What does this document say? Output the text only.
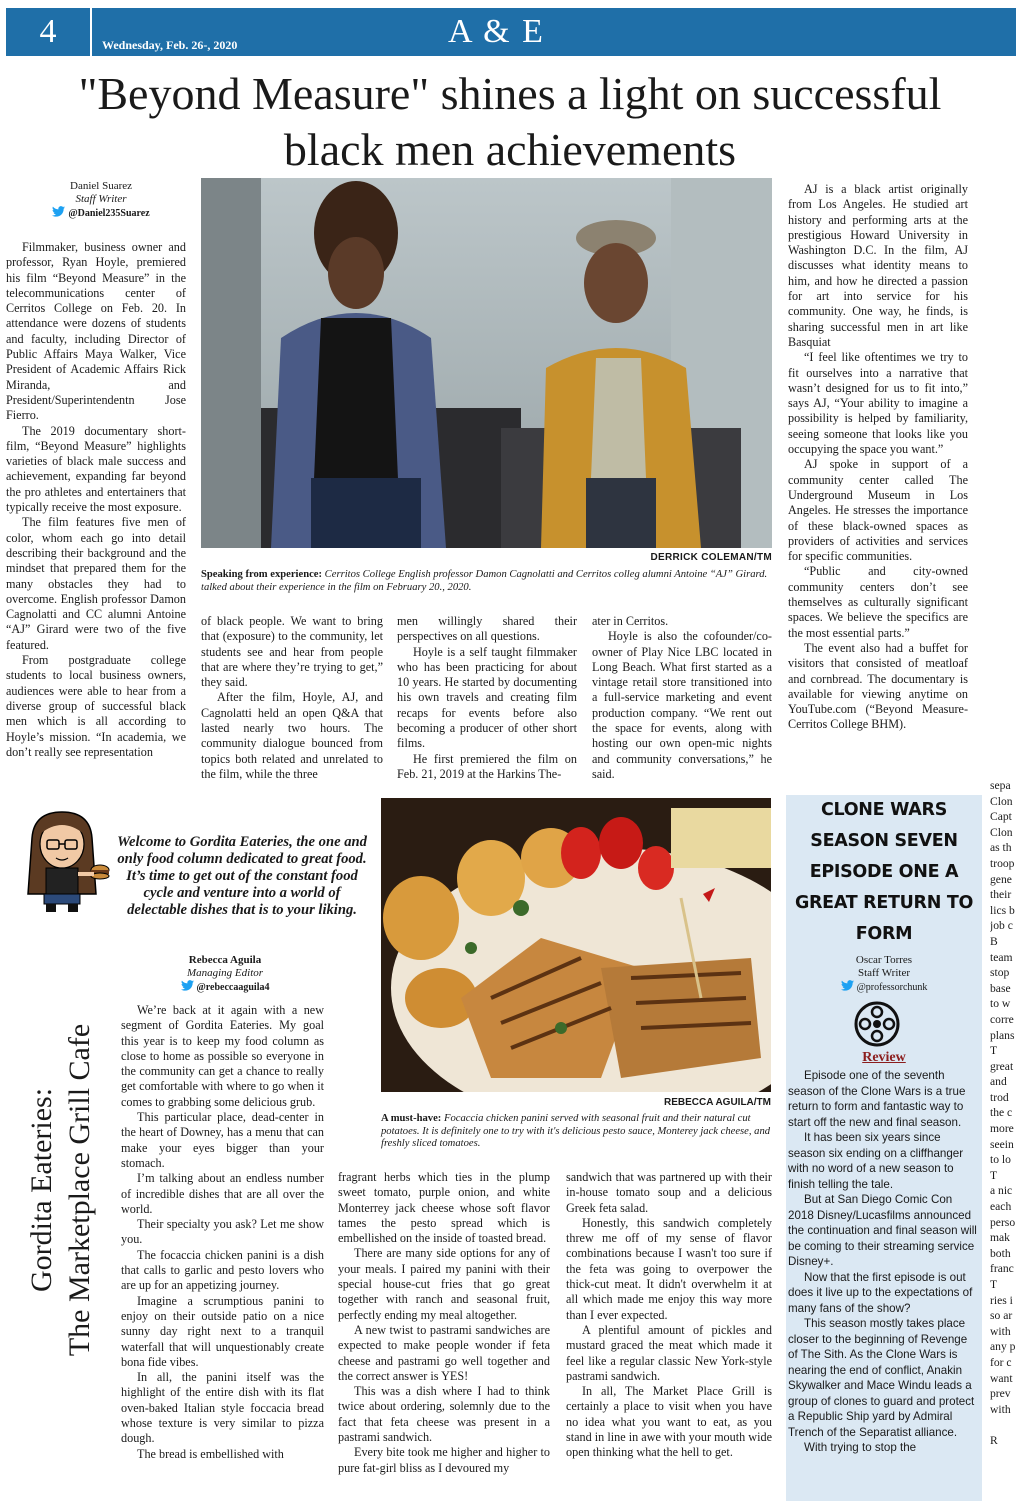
4	Wednesday, Feb. 26-, 2020	A & E
"Beyond Measure" shines a light on successful black men achievements
Daniel Suarez
Staff Writer
@Daniel235Suarez

Filmmaker, business owner and professor, Ryan Hoyle, premiered his film “Beyond Measure” in the telecommunications center of Cerritos College on Feb. 20. In attendance were dozens of students and faculty, including Director of Public Affairs Maya Walker, Vice President of Academic Affairs Rick Miranda, and President/Superintendentn Jose Fierro.

The 2019 documentary short-film, “Beyond Measure” highlights varieties of black male success and achievement, expanding far beyond the pro athletes and entertainers that typically receive the most exposure.

The film features five men of color, whom each go into detail describing their background and the mindset that prepared them for the many obstacles they had to overcome. English professor Damon Cagnolatti and CC alumni Antoine “AJ” Girard were two of the five featured.

From postgraduate college students to local business owners, audiences were able to hear from a diverse group of successful black men which is all according to Hoyle’s mission. “In academia, we don’t really see representation

DERRICK COLEMAN/TM
Speaking from experience: Cerritos College English professor Damon Cagnolatti and Cerritos colleg alumni Antoine “AJ” Girard. talked about their experience in the film on February 20., 2020.

of black people. We want to bring that (exposure) to the community, let students see and hear from people that are where they’re trying to get,” they said.

After the film, Hoyle, AJ, and Cagnolatti held an open Q&A that lasted nearly two hours. The community dialogue bounced from topics both related and unrelated to the film, while the three

men willingly shared their perspectives on all questions.

Hoyle is a self taught filmmaker who has been practicing for about 10 years. He started by documenting his own travels and creating film recaps for events before also becoming a producer of other short films.

He first premiered the film on Feb. 21, 2019 at the Harkins The-

ater in Cerritos.

Hoyle is also the cofounder/co-owner of Play Nice LBC located in Long Beach. What first started as a vintage retail store transitioned into a full-service marketing and event production company. “We rent out the space for events, along with hosting our own open-mic nights and community conversations,” he said.

AJ is a black artist originally from Los Angeles. He studied art history and performing arts at the prestigious Howard University in Washington D.C. In the film, AJ discusses what identity means to him, and how he directed a passion for art into service for his community. One way, he finds, is sharing successful men in art like Basquiat

“I feel like oftentimes we try to fit ourselves into a narrative that wasn’t designed for us to fit into,” says AJ, “Your ability to imagine a possibility is helped by familiarity, seeing someone that looks like you occupying the space you want.”

AJ spoke in support of a community center called The Underground Museum in Los Angeles. He stresses the importance of these black-owned spaces as providers of activities and services for specific communities.

“Public and city-owned community centers don’t see themselves as culturally significant spaces. We believe the specifics are the most essential parts.”

The event also had a buffet for visitors that consisted of meatloaf and cornbread. The documentary is available for viewing anytime on YouTube.com (“Beyond Measure- Cerritos College BHM).

Welcome to Gordita Eateries, the one and only food column dedicated to great food. It’s time to get out of the constant food cycle and venture into a world of delectable dishes that is to your liking.
Rebecca Aguila
Managing Editor
@rebeccaaguila4
Gordita Eateries: The Marketplace Grill Cafe

We’re back at it again with a new segment of Gordita Eateries. My goal this year is to keep my food column as close to home as possible so everyone in the community can get a chance to really get comfortable with where to go when it comes to grabbing some delicious grub.

This particular place, dead-center in the heart of Downey, has a menu that can make your eyes bigger than your stomach.

I’m talking about an endless number of incredible dishes that are all over the world.

Their specialty you ask? Let me show you.

The focaccia chicken panini is a dish that calls to garlic and pesto lovers who are up for an appetizing journey.

Imagine a scrumptious panini to enjoy on their outside patio on a nice sunny day right next to a tranquil waterfall that will unquestionably create bona fide vibes.

In all, the panini itself was the highlight of the entire dish with its flat oven-baked Italian style foccacia bread whose texture is very similar to pizza dough.

The bread is embellished with

REBECCA AGUILA/TM
A must-have: Focaccia chicken panini served with seasonal fruit and their natural cut potatoes. It is definitely one to try with it's delicious pesto sauce, Monterey jack cheese, and freshly sliced tomatoes.

fragrant herbs which ties in the plump sweet tomato, purple onion, and white Monterrey jack cheese whose soft flavor tames the pesto spread which is embellished on the inside of toasted bread.

There are many side options for any of your meals. I paired my panini with their special house-cut fries that go great together with ranch and seasonal fruit, perfectly ending my meal altogether.

A new twist to pastrami sandwiches are expected to make people wonder if feta cheese and pastrami go well together and the correct answer is YES!

This was a dish where I had to think twice about ordering, solemnly due to the fact that feta cheese was present in a pastrami sandwich.

Every bite took me higher and higher to pure fat-girl bliss as I devoured my

sandwich that was partnered up with their in-house tomato soup and a delicious Greek feta salad.

Honestly, this sandwich completely threw me off of my sense of flavor combinations because I wasn't too sure if the feta was going to overpower the thick-cut meat. It didn't overwhelm it at all which made me enjoy this way more than I ever expected.

A plentiful amount of pickles and mustard graced the meat which made it feel like a regular classic New York-style pastrami sandwich.

In all, The Market Place Grill is certainly a place to visit when you have no idea what you want to eat, as you stand in line in awe with your mouth wide open thinking what the hell to get.

CLONE WARS SEASON SEVEN EPISODE ONE A GREAT RETURN TO FORM
Oscar Torres
Staff Writer
@professorchunk
Review

Episode one of the seventh season of the Clone Wars is a true return to form and fantastic way to start off the new and final season.

It has been six years since season six ending on a cliffhanger with no word of a new season to finish telling the tale.

But at San Diego Comic Con 2018 Disney/Lucasfilms announced the continuation and final season will be coming to their streaming service Disney+.

Now that the first episode is out does it live up to the expectations of many fans of the show?

This season mostly takes place closer to the beginning of Revenge of The Sith. As the Clone Wars is nearing the end of conflict, Anakin Skywalker and Mace Windu leads a group of clones to guard and protect a Republic Ship yard by Admiral Trench of the Separatist alliance.

With trying to stop the

sepa
Clon
Capt
Clon
as th
troop
gene
their
lics b
job c
B
team
stop
base
to w
corre
plans
T
great
and
trod
the c
more
seein
to lo
T
a nic
each
perso
mak
both
franc
T
ries i
so ar
with
any p
for c
want
prev
with
R
